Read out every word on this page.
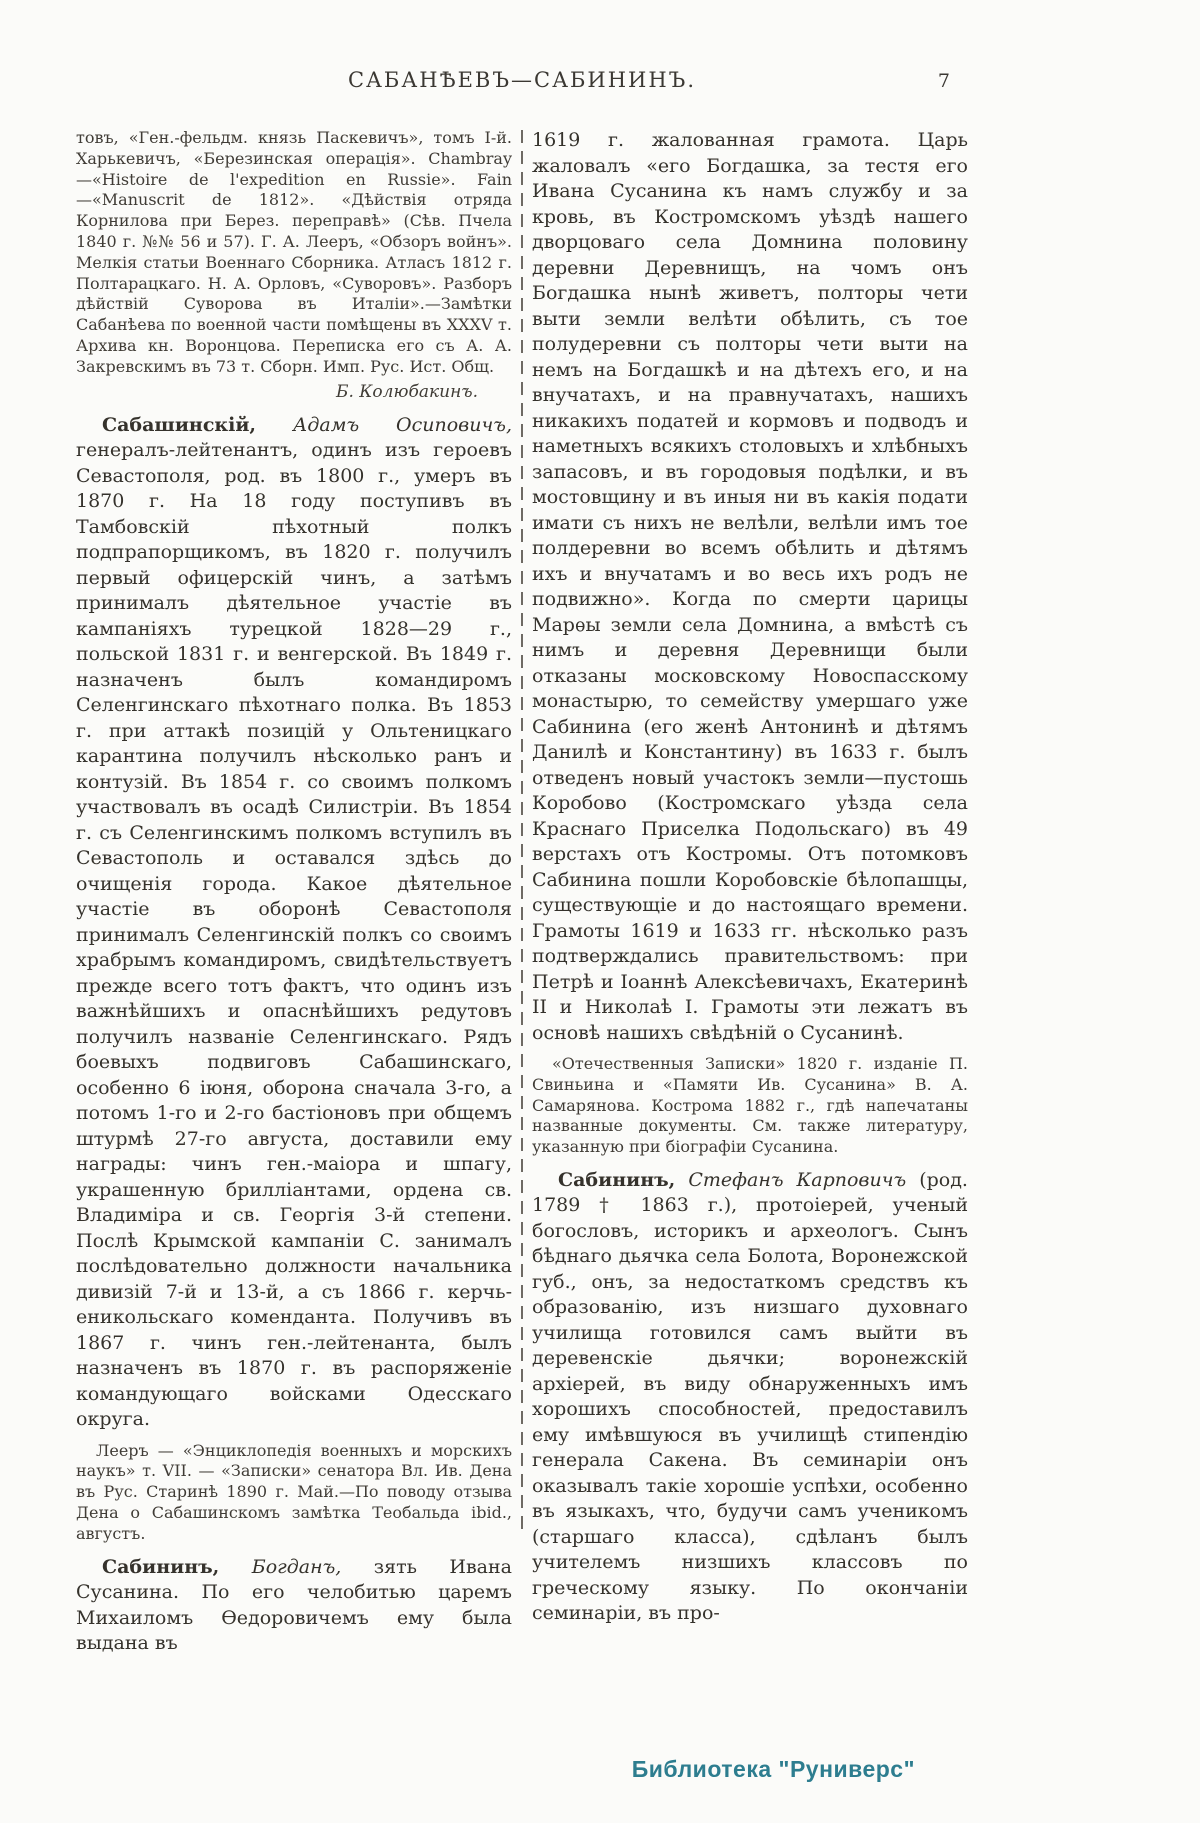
САБАНѢЕВЪ—САБИНИНЪ.	7

товъ, «Ген.-фельдм. князь Паскевичъ», томъ I-й. Харькевичъ, «Березинская операція». Chambray—«Histoire de l'expedition en Russie». Fain—«Manuscrit de 1812». «Дѣйствія отряда Корнилова при Берез. переправѣ» (Сѣв. Пчела 1840 г. №№ 56 и 57). Г. А. Лееръ, «Обзоръ войнъ». Мелкія статьи Военнаго Сборника. Атласъ 1812 г. Полтарацкаго. Н. А. Орловъ, «Суворовъ». Разборъ дѣйствій Суворова въ Италіи».—Замѣтки Сабанѣева по военной части помѣщены въ XXXV т. Архива кн. Воронцова. Переписка его съ А. А. Закревскимъ въ 73 т. Сборн. Имп. Рус. Ист. Общ.

Б. Колюбакинъ.

Сабашинскій, Адамъ Осиповичъ, генералъ-лейтенантъ, одинъ изъ героевъ Севастополя, род. въ 1800 г., умеръ въ 1870 г. На 18 году поступивъ въ Тамбовскій пѣхотный полкъ подпрапорщикомъ, въ 1820 г. получилъ первый офицерскій чинъ, а затѣмъ принималъ дѣятельное участіе въ кампаніяхъ турецкой 1828—29 г., польской 1831 г. и венгерской. Въ 1849 г. назначенъ былъ командиромъ Селенгинскаго пѣхотнаго полка. Въ 1853 г. при аттакѣ позицій у Ольтеницкаго карантина получилъ нѣсколько ранъ и контузій. Въ 1854 г. со своимъ полкомъ участвовалъ въ осадѣ Силистріи. Въ 1854 г. съ Селенгинскимъ полкомъ вступилъ въ Севастополь и оставался здѣсь до очищенія города. Какое дѣятельное участіе въ оборонѣ Севастополя принималъ Селенгинскій полкъ со своимъ храбрымъ командиромъ, свидѣтельствуетъ прежде всего тотъ фактъ, что одинъ изъ важнѣйшихъ и опаснѣйшихъ редутовъ получилъ названіе Селенгинскаго. Рядъ боевыхъ подвиговъ Сабашинскаго, особенно 6 іюня, оборона сначала 3-го, а потомъ 1-го и 2-го бастіоновъ при общемъ штурмѣ 27-го августа, доставили ему награды: чинъ ген.-маіора и шпагу, украшенную брилліантами, ордена св. Владиміра и св. Георгія 3-й степени. Послѣ Крымской кампаніи С. занималъ послѣдовательно должности начальника дивизій 7-й и 13-й, а съ 1866 г. керчь-еникольскаго коменданта. Получивъ въ 1867 г. чинъ ген.-лейтенанта, былъ назначенъ въ 1870 г. въ распоряженіе командующаго войсками Одесскаго округа.

Лееръ — «Энциклопедія военныхъ и морскихъ наукъ» т. VII. — «Записки» сенатора Вл. Ив. Дена въ Рус. Старинѣ 1890 г. Май.—По поводу отзыва Дена о Сабашинскомъ замѣтка Теобальда ibid., августъ.

Сабининъ, Богданъ, зять Ивана Сусанина. По его челобитью царемъ Михаиломъ Ѳедоровичемъ ему была выдана въ

1619 г. жалованная грамота. Царь жаловалъ «его Богдашка, за тестя его Ивана Сусанина къ намъ службу и за кровь, въ Костромскомъ уѣздѣ нашего дворцоваго села Домнина половину деревни Деревнищъ, на чомъ онъ Богдашка нынѣ живетъ, полторы чети выти земли велѣти обѣлить, съ тое полудеревни съ полторы чети выти на немъ на Богдашкѣ и на дѣтехъ его, и на внучатахъ, и на правнучатахъ, нашихъ никакихъ податей и кормовъ и подводъ и наметныхъ всякихъ столовыхъ и хлѣбныхъ запасовъ, и въ городовыя подѣлки, и въ мостовщину и въ иныя ни въ какія подати имати съ нихъ не велѣли, велѣли имъ тое полдеревни во всемъ обѣлить и дѣтямъ ихъ и внучатамъ и во весь ихъ родъ не подвижно». Когда по смерти царицы Марѳы земли села Домнина, а вмѣстѣ съ нимъ и деревня Деревнищи были отказаны московскому Новоспасскому монастырю, то семейству умершаго уже Сабинина (его женѣ Антонинѣ и дѣтямъ Данилѣ и Константину) въ 1633 г. былъ отведенъ новый участокъ земли—пустошь Коробово (Костромскаго уѣзда села Краснаго Приселка Подольскаго) въ 49 верстахъ отъ Костромы. Отъ потомковъ Сабинина пошли Коробовскіе бѣлопашцы, существующіе и до настоящаго времени. Грамоты 1619 и 1633 гг. нѣсколько разъ подтверждались правительствомъ: при Петрѣ и Іоаннѣ Алексѣевичахъ, Екатеринѣ II и Николаѣ I. Грамоты эти лежатъ въ основѣ нашихъ свѣдѣній о Сусанинѣ.

«Отечественныя Записки» 1820 г. изданіе П. Свиньина и «Памяти Ив. Сусанина» В. А. Самарянова. Кострома 1882 г., гдѣ напечатаны названные документы. См. также литературу, указанную при біографіи Сусанина.

Сабининъ, Стефанъ Карповичъ (род. 1789 † 1863 г.), протоіерей, ученый богословъ, историкъ и археологъ. Сынъ бѣднаго дьячка села Болота, Воронежской губ., онъ, за недостаткомъ средствъ къ образованію, изъ низшаго духовнаго училища готовился самъ выйти въ деревенскіе дьячки; воронежскій архіерей, въ виду обнаруженныхъ имъ хорошихъ способностей, предоставилъ ему имѣвшуюся въ училищѣ стипендію генерала Сакена. Въ семинаріи онъ оказывалъ такіе хорошіе успѣхи, особенно въ языкахъ, что, будучи самъ ученикомъ (старшаго класса), сдѣланъ былъ учителемъ низшихъ классовъ по греческому языку. По окончаніи семинаріи, въ про-

Библиотека "Руниверс"
